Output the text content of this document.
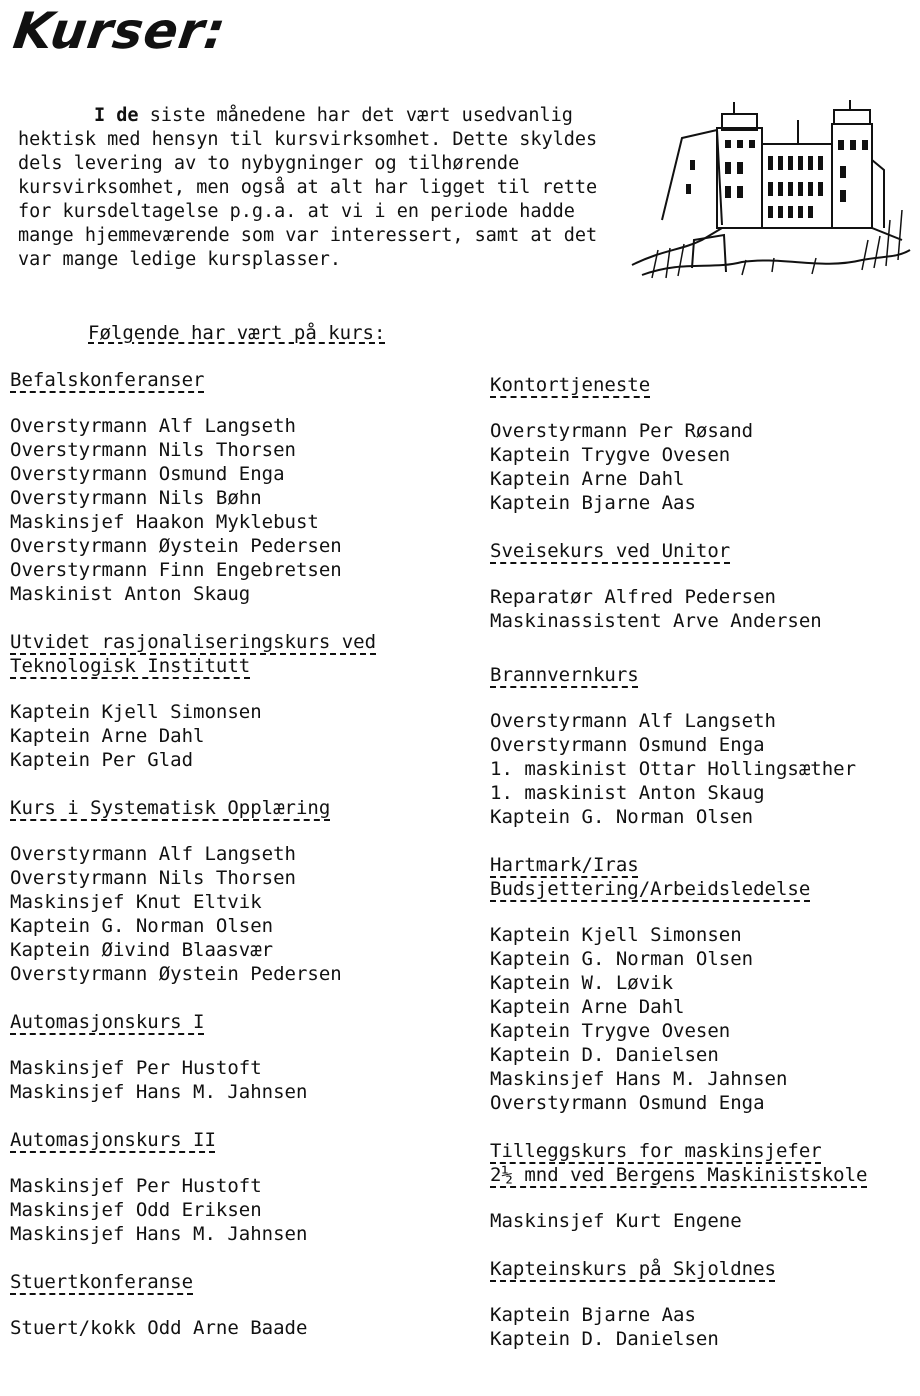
Kurser:
I de siste månedene har det vært usedvanlig hektisk med hensyn til kursvirksomhet. Dette skyldes dels levering av to nybygninger og tilhørende kursvirksomhet, men også at alt har ligget til rette for kursdeltagelse p.g.a. at vi i en periode hadde mange hjemmeværende som var interessert, samt at det var mange ledige kursplasser.
Følgende har vært på kurs:
Befalskonferanser
Overstyrmann Alf Langseth
Overstyrmann Nils Thorsen
Overstyrmann Osmund Enga
Overstyrmann Nils Bøhn
Maskinsjef Haakon Myklebust
Overstyrmann Øystein Pedersen
Overstyrmann Finn Engebretsen
Maskinist Anton Skaug
Utvidet rasjonaliseringskurs ved
Teknologisk Institutt
Kaptein Kjell Simonsen
Kaptein Arne Dahl
Kaptein Per Glad
Kurs i Systematisk Opplæring
Overstyrmann Alf Langseth
Overstyrmann Nils Thorsen
Maskinsjef Knut Eltvik
Kaptein G. Norman Olsen
Kaptein Øivind Blaasvær
Overstyrmann Øystein Pedersen
Automasjonskurs I
Maskinsjef Per Hustoft
Maskinsjef Hans M. Jahnsen
Automasjonskurs II
Maskinsjef Per Hustoft
Maskinsjef Odd Eriksen
Maskinsjef Hans M. Jahnsen
Stuertkonferanse
Stuert/kokk Odd Arne Baade
Kontortjeneste
Overstyrmann Per Røsand
Kaptein Trygve Ovesen
Kaptein Arne Dahl
Kaptein Bjarne Aas
Sveisekurs ved Unitor
Reparatør Alfred Pedersen
Maskinassistent Arve Andersen
Brannvernkurs
Overstyrmann Alf Langseth
Overstyrmann Osmund Enga
1. maskinist Ottar Hollingsæther
1. maskinist Anton Skaug
Kaptein G. Norman Olsen
Hartmark/Iras
Budsjettering/Arbeidsledelse
Kaptein Kjell Simonsen
Kaptein G. Norman Olsen
Kaptein W. Løvik
Kaptein Arne Dahl
Kaptein Trygve Ovesen
Kaptein D. Danielsen
Maskinsjef Hans M. Jahnsen
Overstyrmann Osmund Enga
Tilleggskurs for maskinsjefer
2½ mnd ved Bergens Maskinistskole
Maskinsjef Kurt Engene
Kapteinskurs på Skjoldnes
Kaptein Bjarne Aas
Kaptein D. Danielsen
